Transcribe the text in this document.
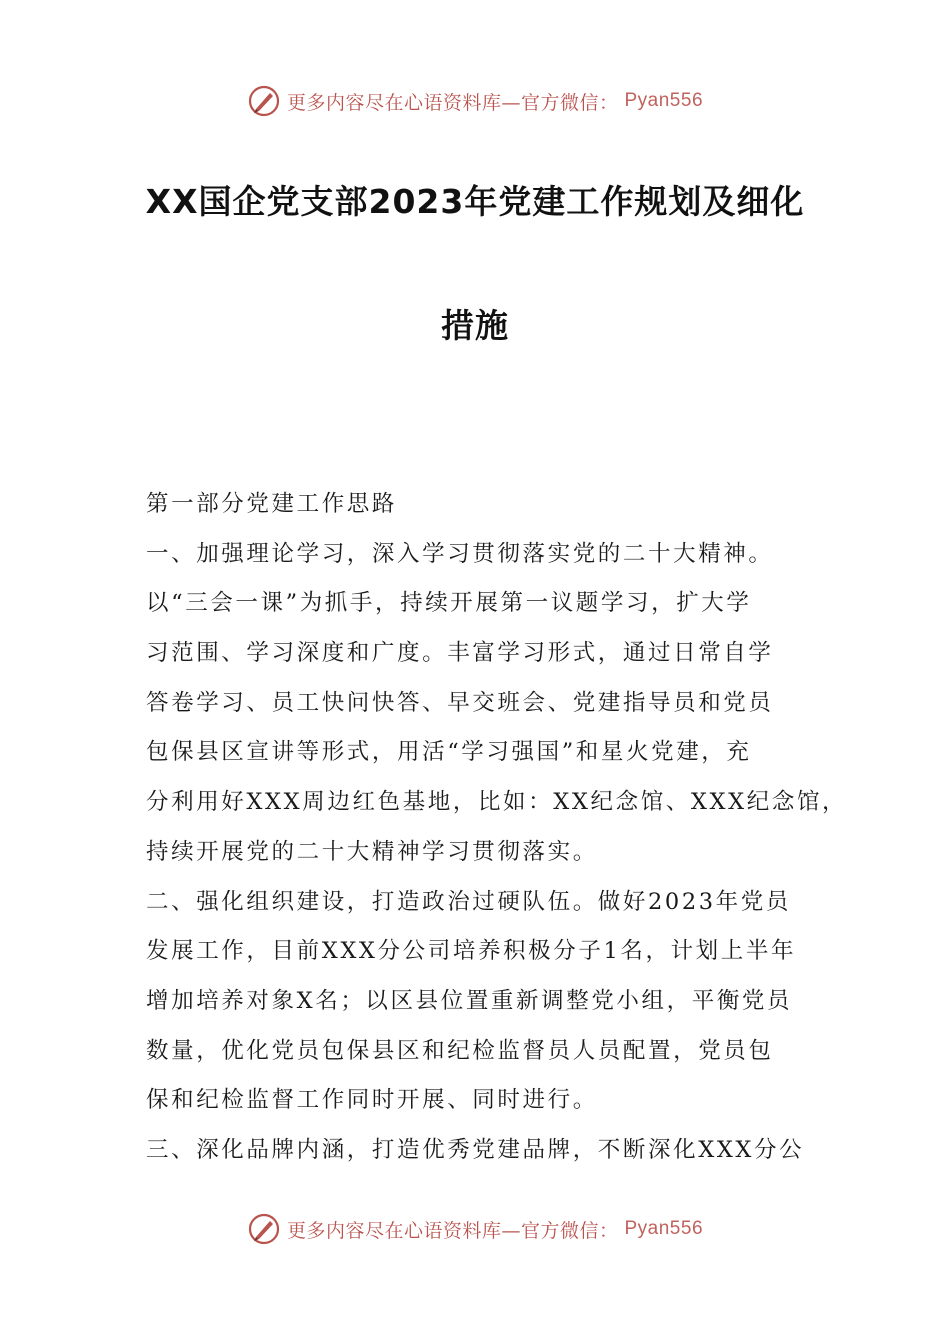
更多内容尽在心语资料库—官方微信： Pyan556
XX国企党支部2023年党建工作规划及细化
措施
第一部分党建工作思路
一、加强理论学习，深入学习贯彻落实党的二十大精神。
以“三会一课”为抓手，持续开展第一议题学习，扩大学
习范围、学习深度和广度。丰富学习形式，通过日常自学
答卷学习、员工快问快答、早交班会、党建指导员和党员
包保县区宣讲等形式，用活“学习强国”和星火党建，充
分利用好XXX周边红色基地，比如：XX纪念馆、XXX纪念馆，
持续开展党的二十大精神学习贯彻落实。
二、强化组织建设，打造政治过硬队伍。做好2023年党员
发展工作，目前XXX分公司培养积极分子1名，计划上半年
增加培养对象X名；以区县位置重新调整党小组，平衡党员
数量，优化党员包保县区和纪检监督员人员配置，党员包
保和纪检监督工作同时开展、同时进行。
三、深化品牌内涵，打造优秀党建品牌，不断深化XXX分公
更多内容尽在心语资料库—官方微信： Pyan556
